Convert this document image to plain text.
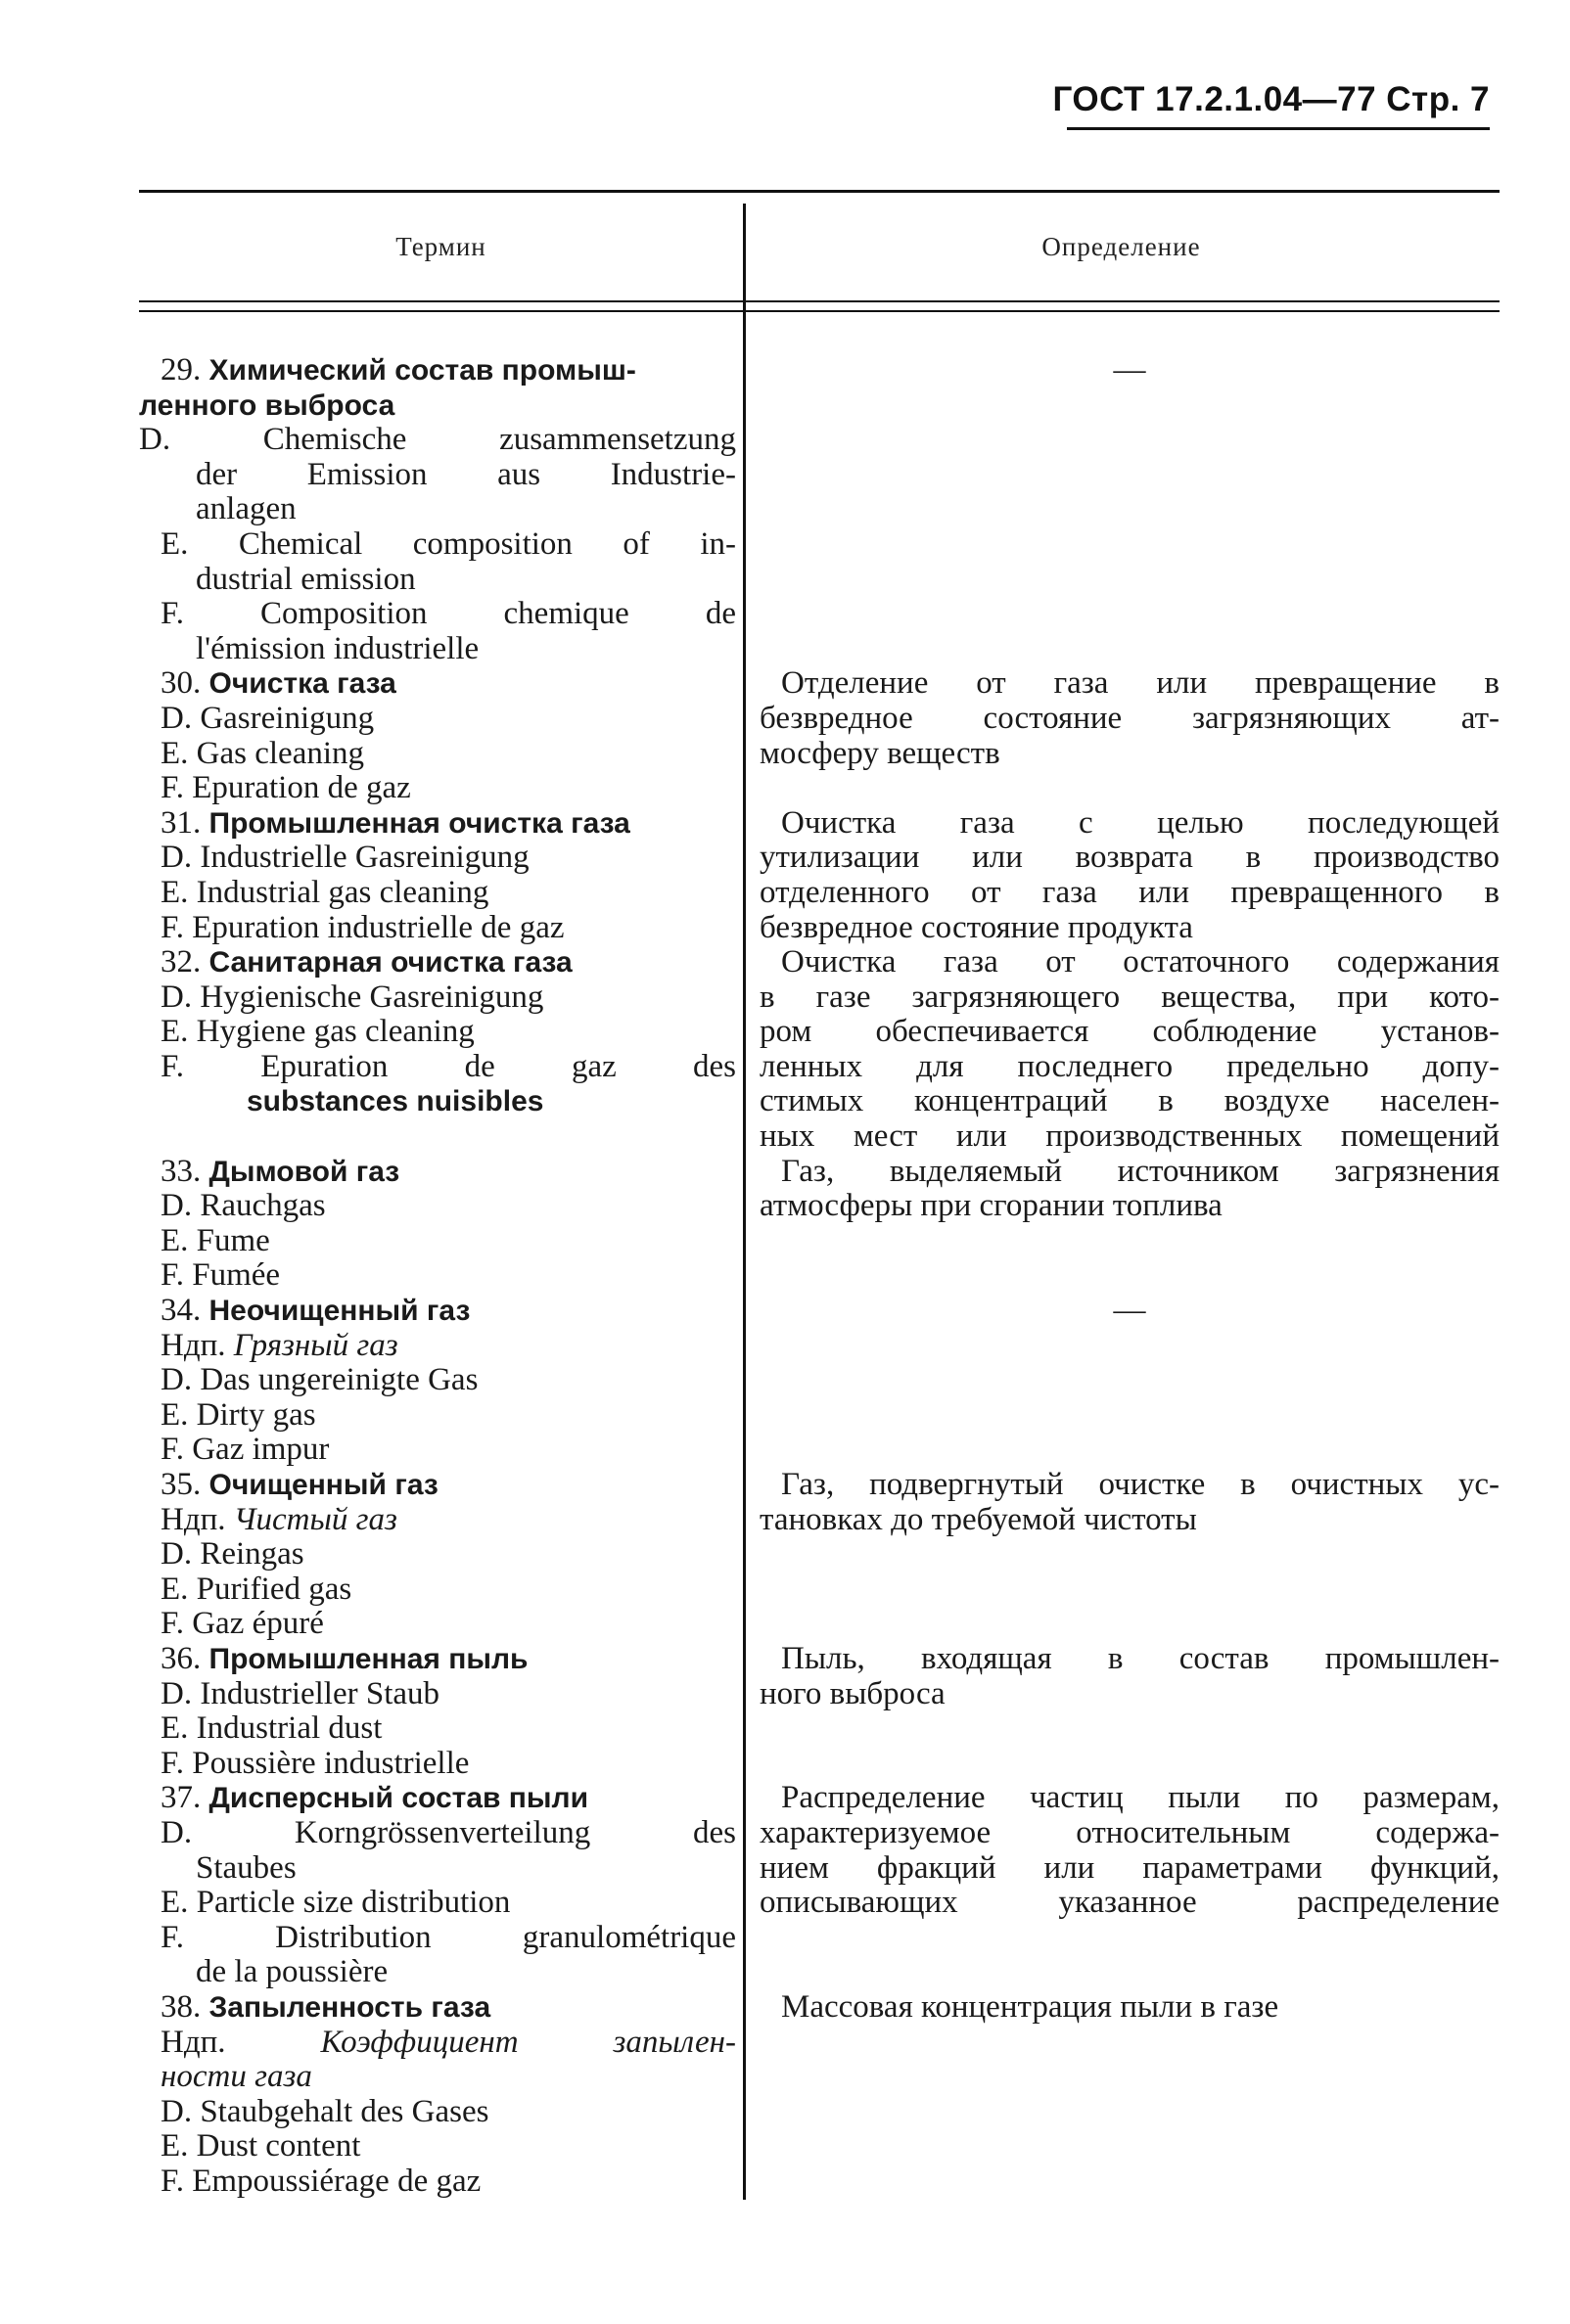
ГОСТ 17.2.1.04—77 Стр. 7
Термин	Определение
29. Химический состав промыш-
ленного выброса
D. Chemische zusammensetzung
der Emission aus Industrie-
anlagen
E. Chemical composition of in-
dustrial emission
F. Composition chemique de
l'émission industrielle
30. Очистка газа
D. Gasreinigung
E. Gas cleaning
F. Epuration de gaz
31. Промышленная очистка газа
D. Industrielle Gasreinigung
E. Industrial gas cleaning
F. Epuration industrielle de gaz
32. Санитарная очистка газа
D. Hygienische Gasreinigung
E. Hygiene gas cleaning
F. Epuration de gaz des
substances nuisibles
33. Дымовой газ
D. Rauchgas
E. Fume
F. Fumée
34. Неочищенный газ
Ндп. Грязный газ
D. Das ungereinigte Gas
E. Dirty gas
F. Gaz impur
35. Очищенный газ
Ндп. Чистый газ
D. Reingas
E. Purified gas
F. Gaz épuré
36. Промышленная пыль
D. Industrieller Staub
E. Industrial dust
F. Poussière industrielle
37. Дисперсный состав пыли
D. Korngrössenverteilung des
Staubes
E. Particle size distribution
F. Distribution granulométrique
de la poussière
38. Запыленность газа
Ндп. Коэффициент запылен-
ности газа
D. Staubgehalt des Gases
E. Dust content
F. Empoussiérage de gaz
—
Отделение от газа или превращение в
безвредное состояние загрязняющих ат-
мосферу веществ
Очистка газа с целью последующей
утилизации или возврата в производство
отделенного от газа или превращенного в
безвредное состояние продукта
Очистка газа от остаточного содержания
в газе загрязняющего вещества, при кото-
ром обеспечивается соблюдение установ-
ленных для последнего предельно допу-
стимых концентраций в воздухе населен-
ных мест или производственных помещений
Газ, выделяемый источником загрязнения
атмосферы при сгорании топлива
—
Газ, подвергнутый очистке в очистных ус-
тановках до требуемой чистоты
Пыль, входящая в состав промышлен-
ного выброса
Распределение частиц пыли по размерам,
характеризуемое относительным содержа-
нием фракций или параметрами функций,
описывающих указанное распределение
Массовая концентрация пыли в газе
